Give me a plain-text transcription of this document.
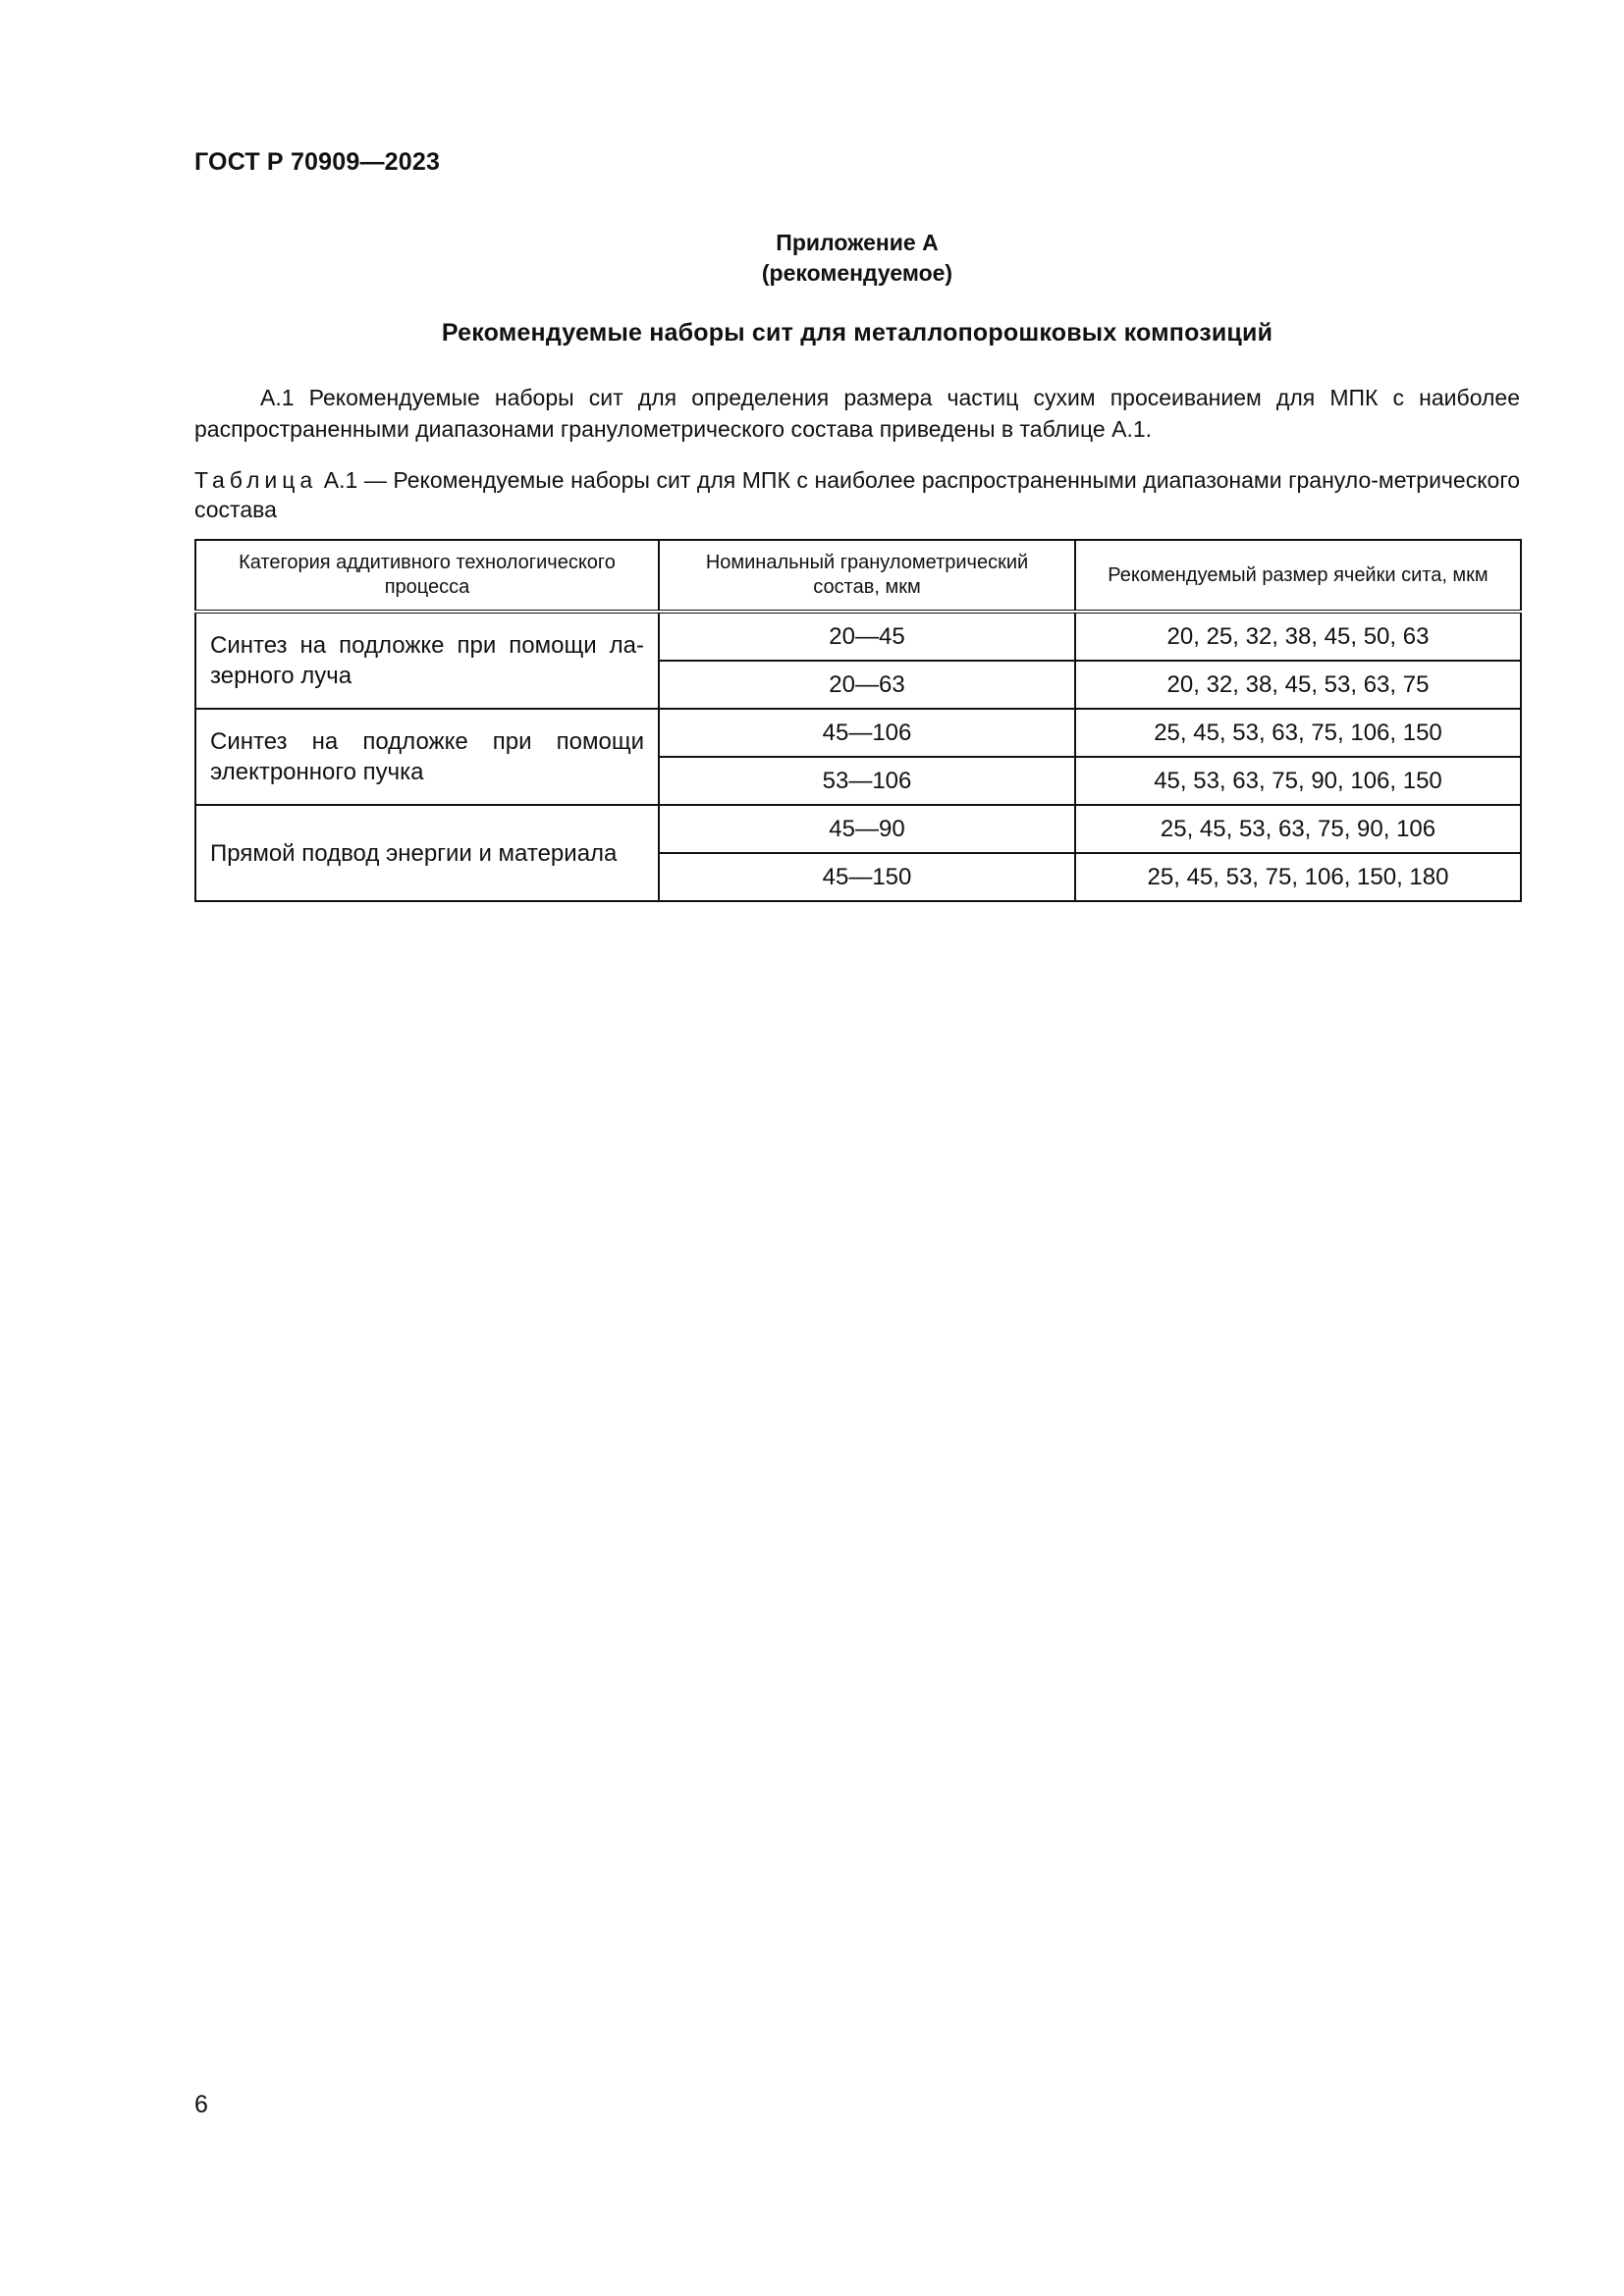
ГОСТ Р 70909—2023
Приложение А
(рекомендуемое)
Рекомендуемые наборы сит для металлопорошковых композиций
А.1 Рекомендуемые наборы сит для определения размера частиц сухим просеиванием для МПК с наиболее распространенными диапазонами гранулометрического состава приведены в таблице А.1.
Таблица А.1 — Рекомендуемые наборы сит для МПК с наиболее распространенными диапазонами грануло-метрического состава
Категория аддитивного технологического процесса	Номинальный гранулометрический состав, мкм	Рекомендуемый размер ячейки сита, мкм
Синтез на подложке при помощи ла-зерного луча	20—45	20, 25, 32, 38, 45, 50, 63
	20—63	20, 32, 38, 45, 53, 63, 75
Синтез на подложке при помощи электронного пучка	45—106	25, 45, 53, 63, 75, 106, 150
	53—106	45, 53, 63, 75, 90, 106, 150
Прямой подвод энергии и материала	45—90	25, 45, 53, 63, 75, 90, 106
	45—150	25, 45, 53, 75, 106, 150, 180
6
